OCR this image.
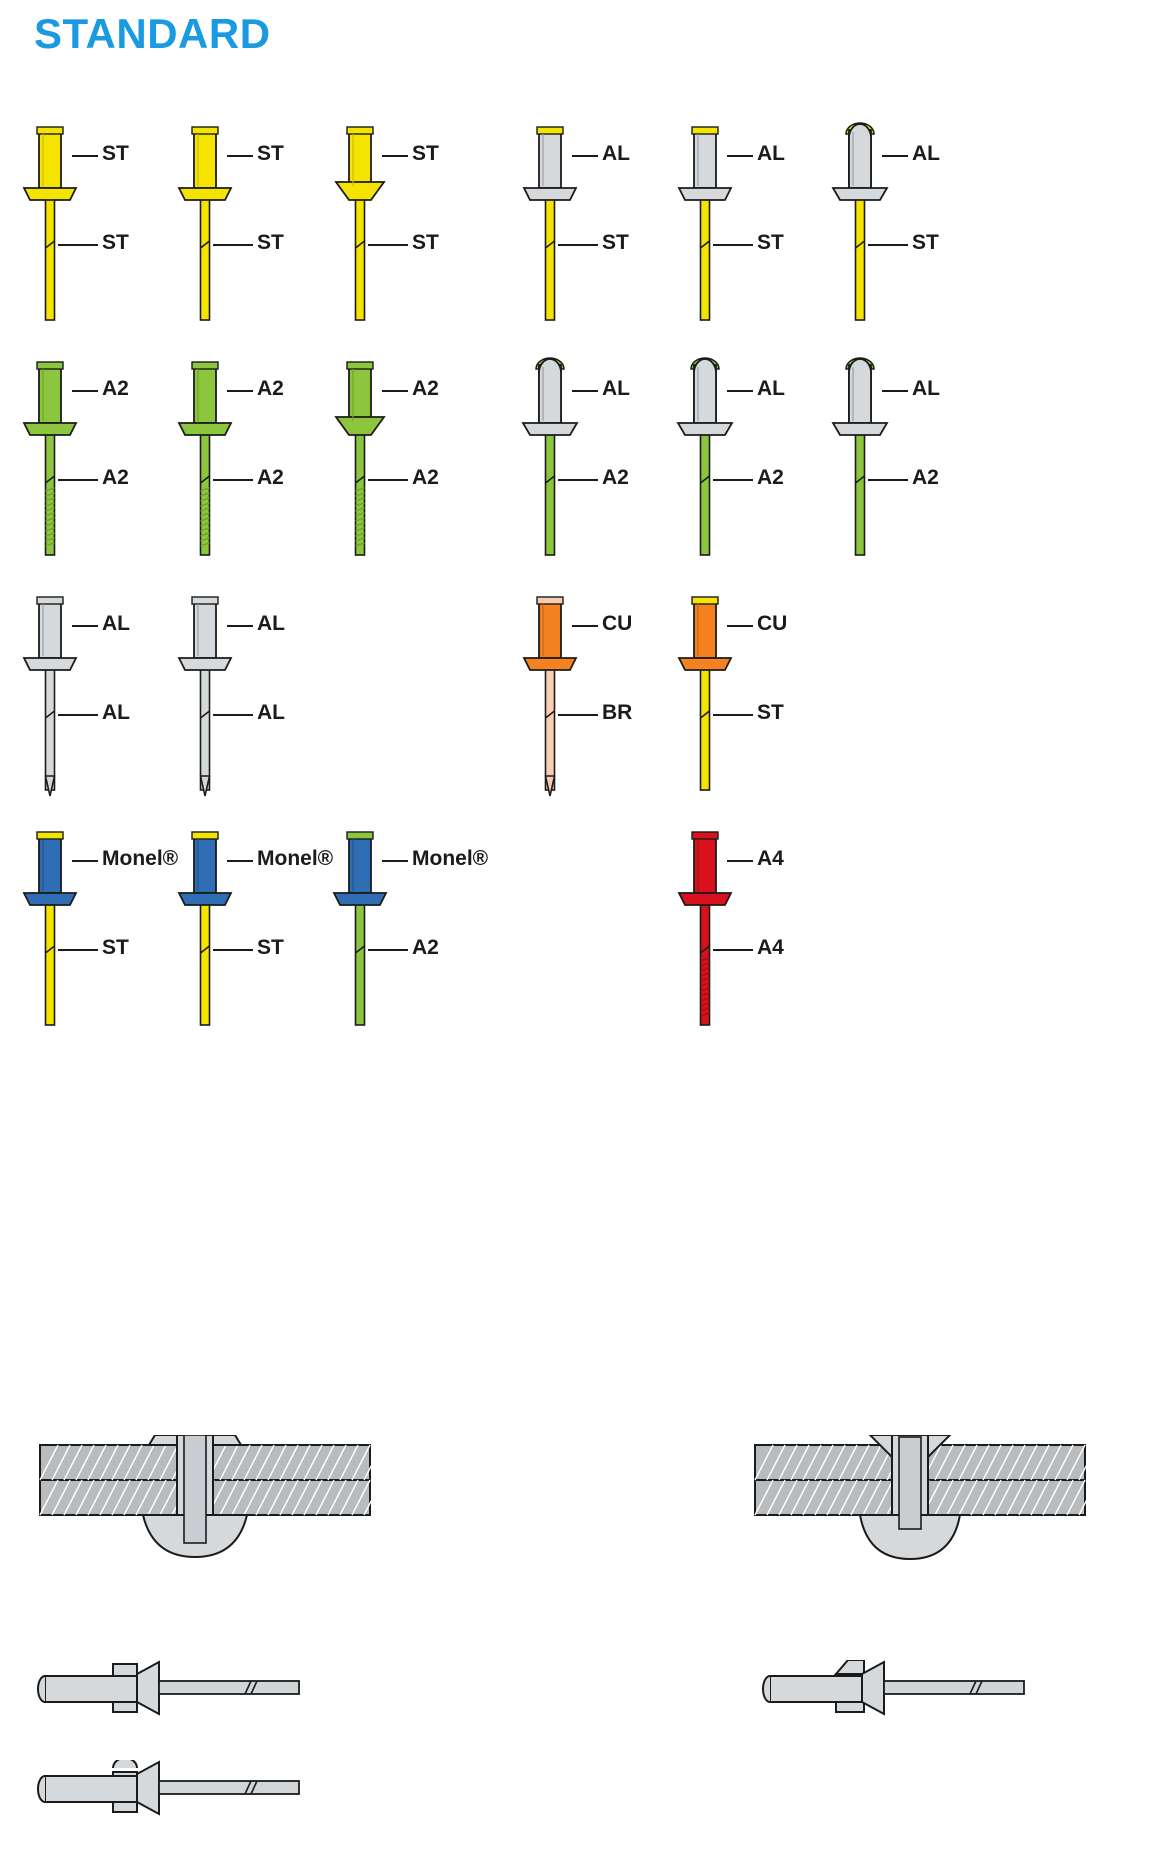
STANDARD
ST
ST
ST
ST
ST
ST
AL
ST
AL
ST
AL
ST
A2
A2
A2
A2
A2
A2
AL
A2
AL
A2
AL
A2
AL
AL
AL
AL
CU
BR
CU
ST
Monel®
ST
Monel®
ST
Monel®
A2
A4
A4
